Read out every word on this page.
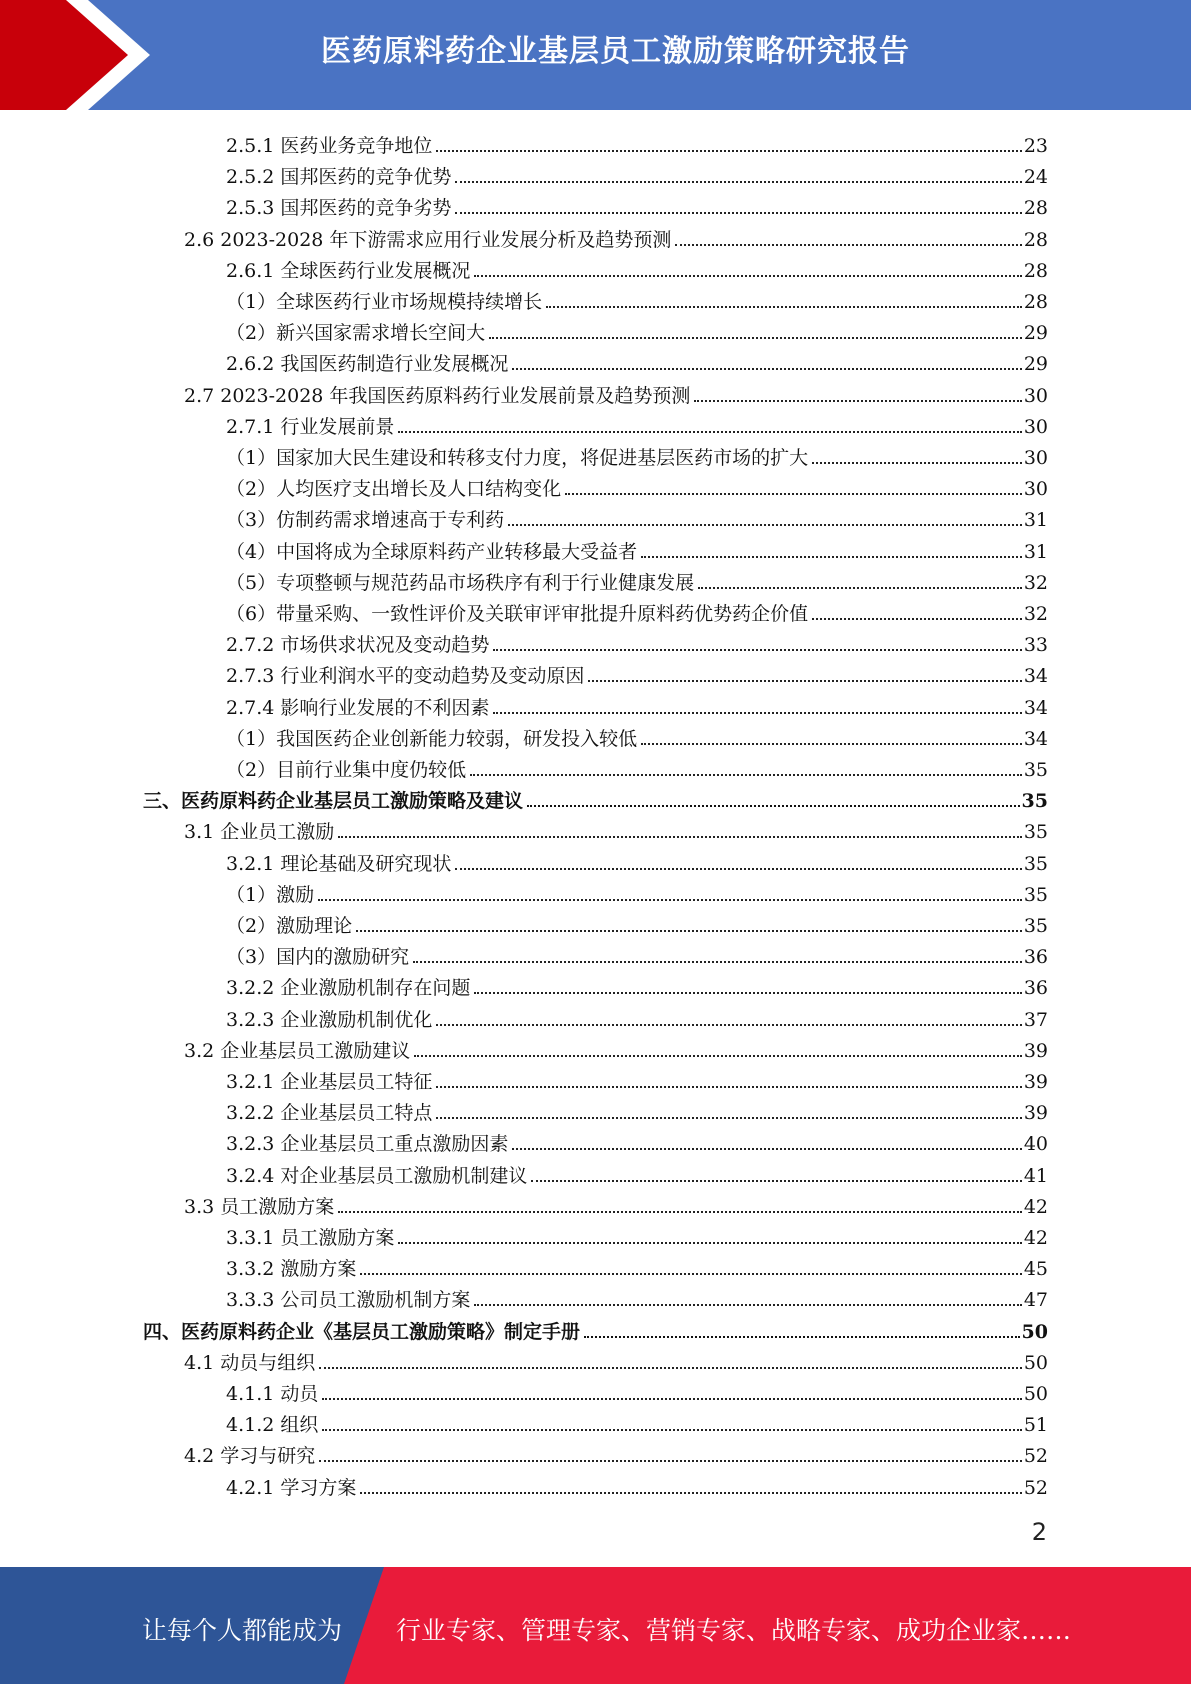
医药原料药企业基层员工激励策略研究报告
2.5.1 医药业务竞争地位	23
2.5.2 国邦医药的竞争优势	24
2.5.3 国邦医药的竞争劣势	28
2.6 2023-2028 年下游需求应用行业发展分析及趋势预测	28
2.6.1 全球医药行业发展概况	28
（1）全球医药行业市场规模持续增长	28
（2）新兴国家需求增长空间大	29
2.6.2 我国医药制造行业发展概况	29
2.7 2023-2028 年我国医药原料药行业发展前景及趋势预测	30
2.7.1 行业发展前景	30
（1）国家加大民生建设和转移支付力度，将促进基层医药市场的扩大	30
（2）人均医疗支出增长及人口结构变化	30
（3）仿制药需求增速高于专利药	31
（4）中国将成为全球原料药产业转移最大受益者	31
（5）专项整顿与规范药品市场秩序有利于行业健康发展	32
（6）带量采购、一致性评价及关联审评审批提升原料药优势药企价值	32
2.7.2 市场供求状况及变动趋势	33
2.7.3 行业利润水平的变动趋势及变动原因	34
2.7.4 影响行业发展的不利因素	34
（1）我国医药企业创新能力较弱，研发投入较低	34
（2）目前行业集中度仍较低	35
三、医药原料药企业基层员工激励策略及建议	35
3.1 企业员工激励	35
3.2.1 理论基础及研究现状	35
（1）激励	35
（2）激励理论	35
（3）国内的激励研究	36
3.2.2 企业激励机制存在问题	36
3.2.3 企业激励机制优化	37
3.2 企业基层员工激励建议	39
3.2.1 企业基层员工特征	39
3.2.2 企业基层员工特点	39
3.2.3 企业基层员工重点激励因素	40
3.2.4 对企业基层员工激励机制建议	41
3.3 员工激励方案	42
3.3.1 员工激励方案	42
3.3.2 激励方案	45
3.3.3 公司员工激励机制方案	47
四、医药原料药企业《基层员工激励策略》制定手册	50
4.1 动员与组织	50
4.1.1 动员	50
4.1.2 组织	51
4.2 学习与研究	52
4.2.1 学习方案	52
2
让每个人都能成为 行业专家、管理专家、营销专家、战略专家、成功企业家……
